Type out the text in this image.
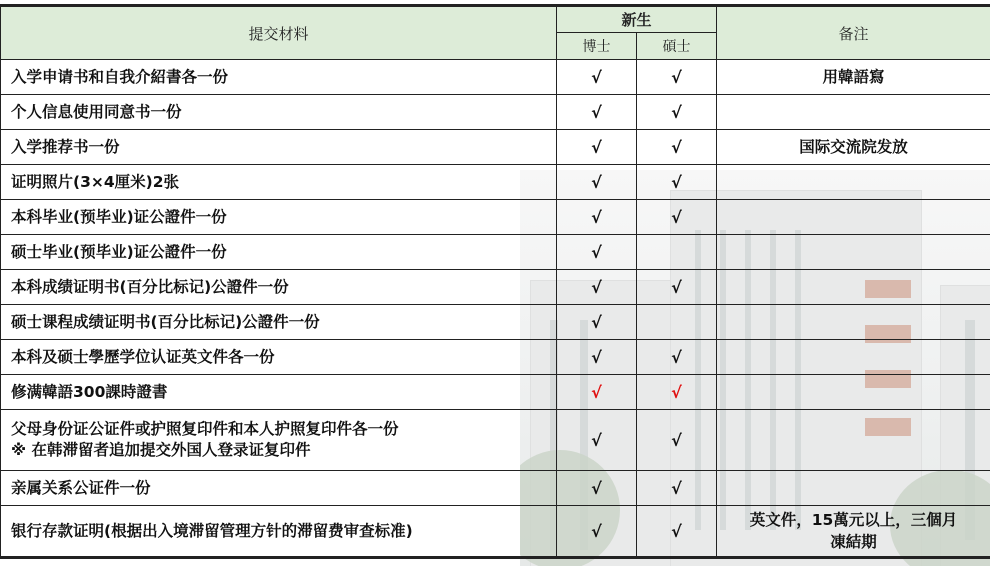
提交材料	新生		备注
	博士	碩士	
入学申请书和自我介紹書各一份	√	√	用韓語寫
个人信息使用同意书一份	√	√	
入学推荐书一份	√	√	国际交流院发放
证明照片(3×4厘米)2张	√	√	
本科毕业(预毕业)证公證件一份	√	√	
硕士毕业(预毕业)证公證件一份	√		
本科成绩证明书(百分比标记)公證件一份	√	√	
硕士课程成绩证明书(百分比标记)公證件一份	√		
本科及硕士學歷学位认证英文件各一份	√	√	
修满韓語300課時證書	√	√	

父母身份证公证件或护照复印件和本人护照复印件各一份
※ 在韩滞留者追加提交外国人登录证复印件	√	√	
亲属关系公证件一份	√	√	
银行存款证明(根据出入境滞留管理方针的滞留费审查标准)	√	√	英文件，15萬元以上，三個月
凍結期
